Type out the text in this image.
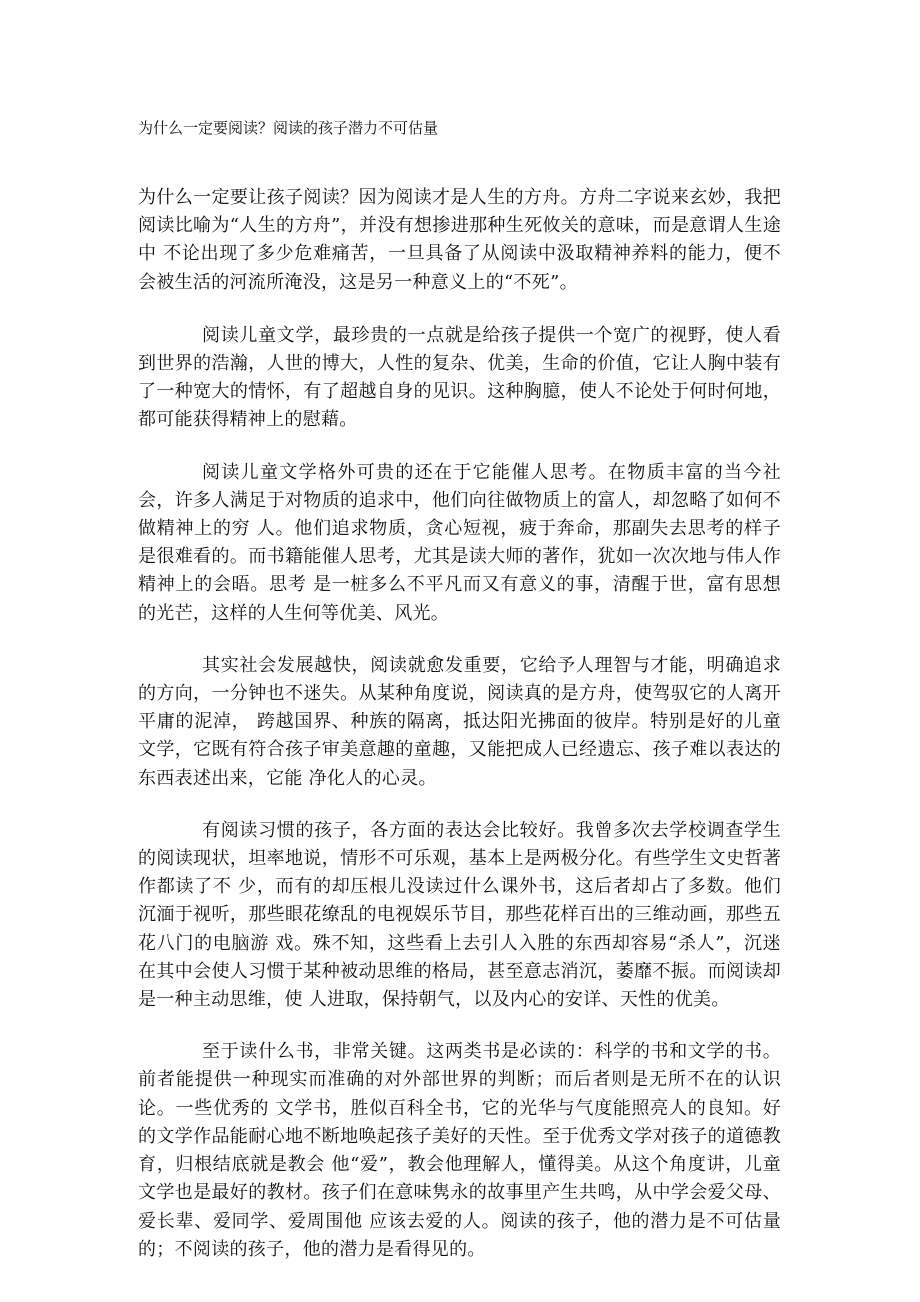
为什么一定要阅读？阅读的孩子潜力不可估量

为什么一定要让孩子阅读？因为阅读才是人生的方舟。方舟二字说来玄妙，我把阅读比喻为“人生的方舟”，并没有想掺进那种生死攸关的意味，而是意谓人生途中 不论出现了多少危难痛苦，一旦具备了从阅读中汲取精神养料的能力，便不会被生活的河流所淹没，这是另一种意义上的“不死”。

阅读儿童文学，最珍贵的一点就是给孩子提供一个宽广的视野，使人看到世界的浩瀚，人世的博大，人性的复杂、优美，生命的价值，它让人胸中装有了一种宽大的情怀，有了超越自身的见识。这种胸臆，使人不论处于何时何地，都可能获得精神上的慰藉。

阅读儿童文学格外可贵的还在于它能催人思考。在物质丰富的当今社会，许多人满足于对物质的追求中，他们向往做物质上的富人，却忽略了如何不做精神上的穷 人。他们追求物质，贪心短视，疲于奔命，那副失去思考的样子是很难看的。而书籍能催人思考，尤其是读大师的著作，犹如一次次地与伟人作精神上的会晤。思考 是一桩多么不平凡而又有意义的事，清醒于世，富有思想的光芒，这样的人生何等优美、风光。

其实社会发展越快，阅读就愈发重要，它给予人理智与才能，明确追求的方向，一分钟也不迷失。从某种角度说，阅读真的是方舟，使驾驭它的人离开平庸的泥淖， 跨越国界、种族的隔离，抵达阳光拂面的彼岸。特别是好的儿童文学，它既有符合孩子审美意趣的童趣，又能把成人已经遗忘、孩子难以表达的东西表述出来，它能 净化人的心灵。

有阅读习惯的孩子，各方面的表达会比较好。我曾多次去学校调查学生的阅读现状，坦率地说，情形不可乐观，基本上是两极分化。有些学生文史哲著作都读了不 少，而有的却压根儿没读过什么课外书，这后者却占了多数。他们沉湎于视听，那些眼花缭乱的电视娱乐节目，那些花样百出的三维动画，那些五花八门的电脑游 戏。殊不知，这些看上去引人入胜的东西却容易“杀人”，沉迷在其中会使人习惯于某种被动思维的格局，甚至意志消沉，萎靡不振。而阅读却是一种主动思维，使 人进取，保持朝气，以及内心的安详、天性的优美。

至于读什么书，非常关键。这两类书是必读的：科学的书和文学的书。前者能提供一种现实而准确的对外部世界的判断；而后者则是无所不在的认识论。一些优秀的 文学书，胜似百科全书，它的光华与气度能照亮人的良知。好的文学作品能耐心地不断地唤起孩子美好的天性。至于优秀文学对孩子的道德教育，归根结底就是教会 他“爱”，教会他理解人，懂得美。从这个角度讲，儿童文学也是最好的教材。孩子们在意味隽永的故事里产生共鸣，从中学会爱父母、爱长辈、爱同学、爱周围他 应该去爱的人。阅读的孩子，他的潜力是不可估量的；不阅读的孩子，他的潜力是看得见的。
